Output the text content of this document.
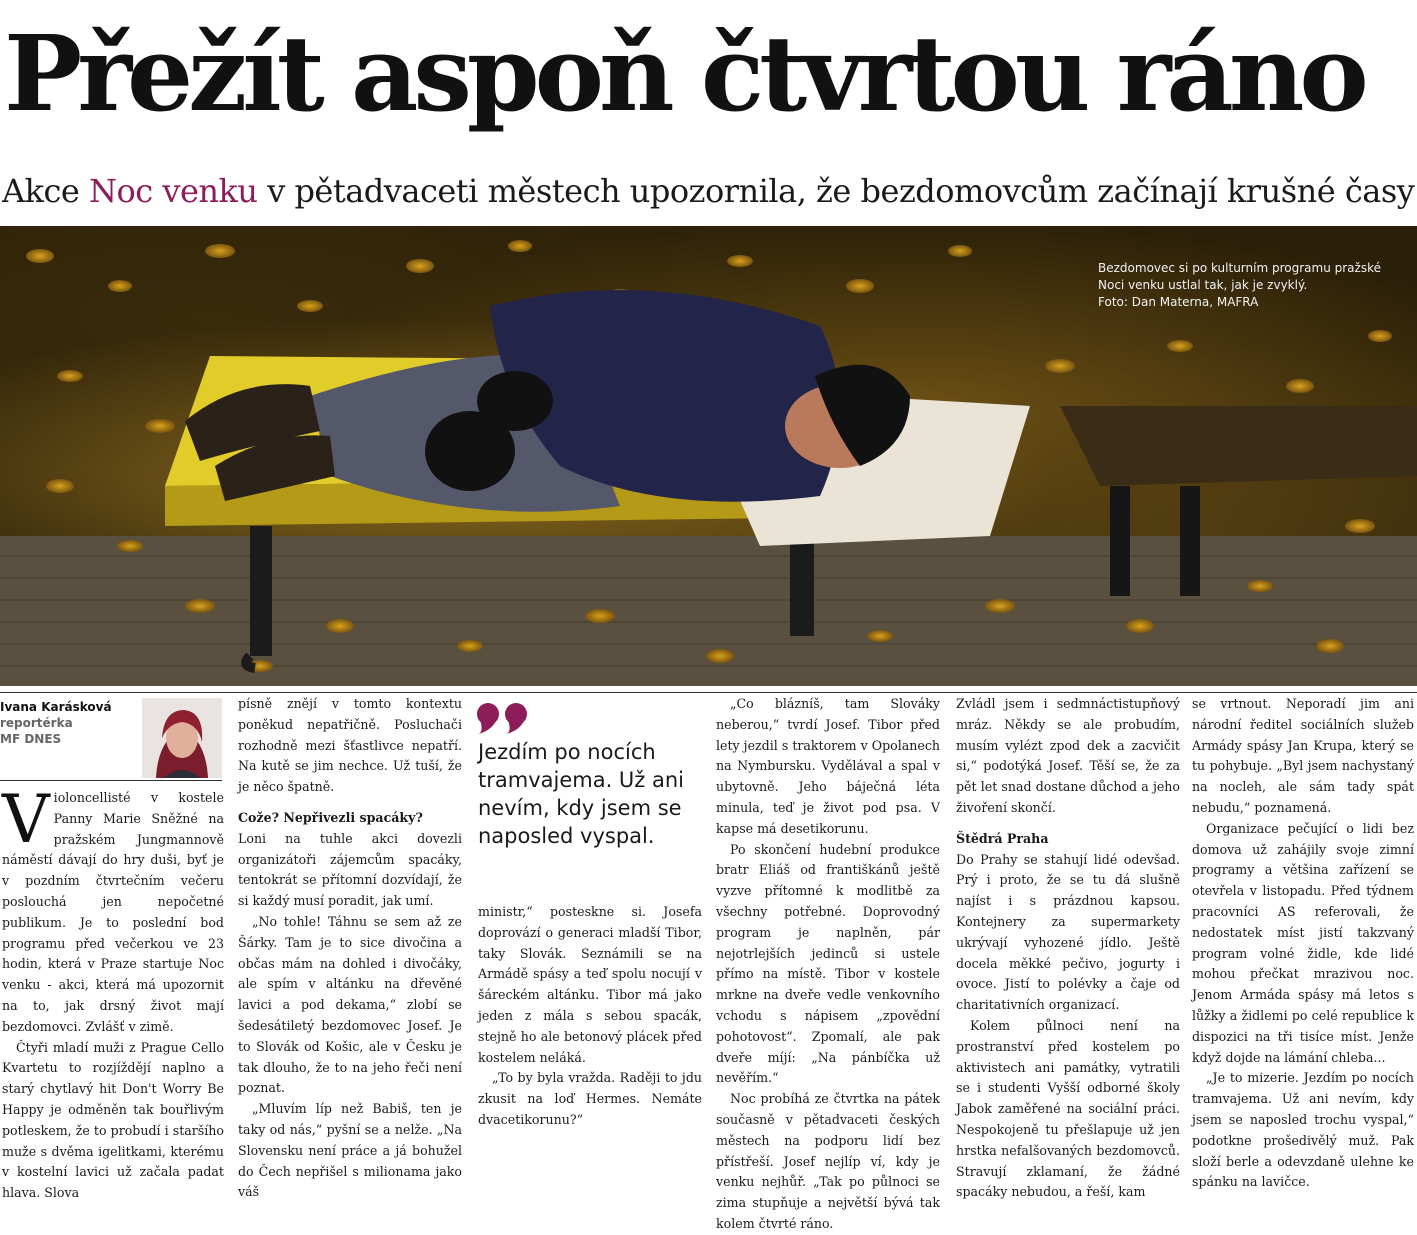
Přežít aspoň čtvrtou ráno
Akce Noc venku v pětadvaceti městech upozornila, že bezdomovcům začínají krušné časy
Bezdomovec si po kulturním programu pražské
Noci venku ustlal tak, jak je zvyklý.
Foto: Dan Materna, MAFRA
Ivana Karásková
reportérka
MF DNES
V ioloncellisté v kostele Panny Marie Sněžné na pražském Jungmannově náměstí dávají do hry duši, byť je v pozdním čtvrtečním večeru poslouchá jen nepočetné publikum. Je to poslední bod programu před večerkou ve 23 hodin, která v Praze startuje Noc venku - akci, která má upozornit na to, jak drsný život mají bezdomovci. Zvlášť v zimě.

Čtyři mladí muži z Prague Cello Kvartetu to rozjíždějí naplno a starý chytlavý hit Don't Worry Be Happy je odměněn tak bouřlivým potleskem, že to probudí i staršího muže s dvěma igelitkami, kterému v kostelní lavici už začala padat hlava. Slova

písně znějí v tomto kontextu poněkud nepatřičně. Posluchači rozhodně mezi šťastlivce nepatří. Na kutě se jim nechce. Už tuší, že je něco špatně.

Cože? Nepřivezli spacáky?

Loni na tuhle akci dovezli organizátoři zájemcům spacáky, tentokrát se přítomní dozvídají, že si každý musí poradit, jak umí.

„No tohle! Táhnu se sem až ze Šárky. Tam je to sice divočina a občas mám na dohled i divočáky, ale spím v altánku na dřevěné lavici a pod dekama,“ zlobí se šedesátiletý bezdomovec Josef. Je to Slovák od Košic, ale v Česku je tak dlouho, že to na jeho řeči není poznat.

„Mluvím líp než Babiš, ten je taky od nás,“ pyšní se a nelže. „Na Slovensku není práce a já bohužel do Čech nepřišel s milionama jako váš

Jezdím po nocích tramvajema. Už ani nevím, kdy jsem se naposled vyspal.

ministr,“ posteskne si. Josefa doprovází o generaci mladší Tibor, taky Slovák. Seznámili se na Armádě spásy a teď spolu nocují v šáreckém altánku. Tibor má jako jeden z mála s sebou spacák, stejně ho ale betonový plácek před kostelem neláká.

„To by byla vražda. Raději to jdu zkusit na loď Hermes. Nemáte dvacetikorunu?“

„Co blázníš, tam Slováky neberou,“ tvrdí Josef. Tibor před lety jezdil s traktorem v Opolanech na Nymbursku. Vydělával a spal v ubytovně. Jeho báječná léta minula, teď je život pod psa. V kapse má desetikorunu.

Po skončení hudební produkce bratr Eliáš od františkánů ještě vyzve přítomné k modlitbě za všechny potřebné. Doprovodný program je naplněn, pár nejotrlejších jedinců si ustele přímo na místě. Tibor v kostele mrkne na dveře vedle venkovního vchodu s nápisem „zpovědní pohotovost“. Zpomalí, ale pak dveře míjí: „Na pánbíčka už nevěřím.“

Noc probíhá ze čtvrtka na pátek současně v pětadvaceti českých městech na podporu lidí bez přístřeší. Josef nejlíp ví, kdy je venku nejhůř. „Tak po půlnoci se zima stupňuje a největší bývá tak kolem čtvrté ráno.

Zvládl jsem i sedmnáctistupňový mráz. Někdy se ale probudím, musím vylézt zpod dek a zacvičit si,“ podotýká Josef. Těší se, že za pět let snad dostane důchod a jeho živoření skončí.

Štědrá Praha

Do Prahy se stahují lidé odevšad. Prý i proto, že se tu dá slušně najíst i s prázdnou kapsou. Kontejnery za supermarkety ukrývají vyhozené jídlo. Ještě docela měkké pečivo, jogurty i ovoce. Jistí to polévky a čaje od charitativních organizací.

Kolem půlnoci není na prostranství před kostelem po aktivistech ani památky, vytratili se i studenti Vyšší odborné školy Jabok zaměřené na sociální práci. Nespokojeně tu přešlapuje už jen hrstka nefalšovaných bezdomovců. Stravují zklamaní, že žádné spacáky nebudou, a řeší, kam

se vrtnout. Neporadí jim ani národní ředitel sociálních služeb Armády spásy Jan Krupa, který se tu pohybuje. „Byl jsem nachystaný na nocleh, ale sám tady spát nebudu,“ poznamená.

Organizace pečující o lidi bez domova už zahájily svoje zimní programy a většina zařízení se otevřela v listopadu. Před týdnem pracovníci AS referovali, že nedostatek míst jistí takzvaný program volné židle, kde lidé mohou přečkat mrazivou noc. Jenom Armáda spásy má letos s lůžky a židlemi po celé republice k dispozici na tři tisíce míst. Jenže když dojde na lámání chleba...

„Je to mizerie. Jezdím po nocích tramvajema. Už ani nevím, kdy jsem se naposled trochu vyspal,“ podotkne prošedivělý muž. Pak složí berle a odevzdaně ulehne ke spánku na lavičce.
